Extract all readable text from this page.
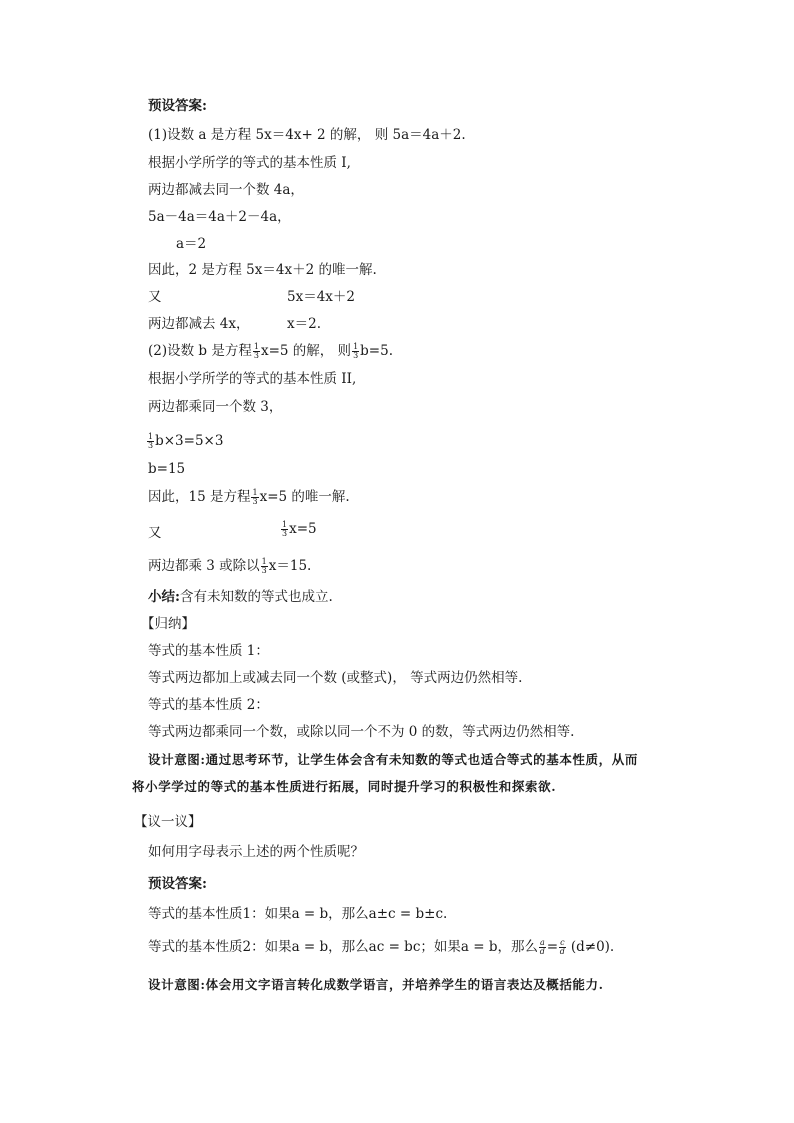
预设答案:
(1)设数 a 是方程 5x＝4x+ 2 的解， 则 5a＝4a＋2.
根据小学所学的等式的基本性质 I,
两边都减去同一个数 4a，
5a－4a＝4a＋2－4a，
a＝2
因此，2 是方程 5x＝4x＋2 的唯一解.
又	5x＝4x＋2
两边都减去 4x，	x＝2.
(2)设数 b 是方程 $\frac{1}{3} x=5$ 的解， 则 $\frac{1}{3} b=5$.
根据小学所学的等式的基本性质 II,
两边都乘同一个数 3，
$\frac{1}{3} b\times 3=5\times 3$
b=15
因此，15 是方程 $\frac{1}{3} x=5$ 的唯一解.
又	$\frac{1}{3} x=5$
两边都乘 3 或除以 $\frac{1}{3} x=15$.
小结:含有未知数的等式也成立.
【归纳】
等式的基本性质 1：
等式两边都加上或减去同一个数 (或整式)， 等式两边仍然相等.
等式的基本性质 2：
等式两边都乘同一个数，或除以同一个不为 0 的数，等式两边仍然相等.
设计意图:通过思考环节，让学生体会含有未知数的等式也适合等式的基本性质，从而
将小学学过的等式的基本性质进行拓展，同时提升学习的积极性和探索欲.
【议一议】
如何用字母表示上述的两个性质呢？
预设答案:
等式的基本性质1：如果a = b，那么a±c = b±c.
等式的基本性质2：如果a = b，那么ac = bc；如果a = b，那么 $\frac{a}{d} = \frac{c}{d} (d\ne 0)$.
设计意图:体会用文字语言转化成数学语言，并培养学生的语言表达及概括能力.
